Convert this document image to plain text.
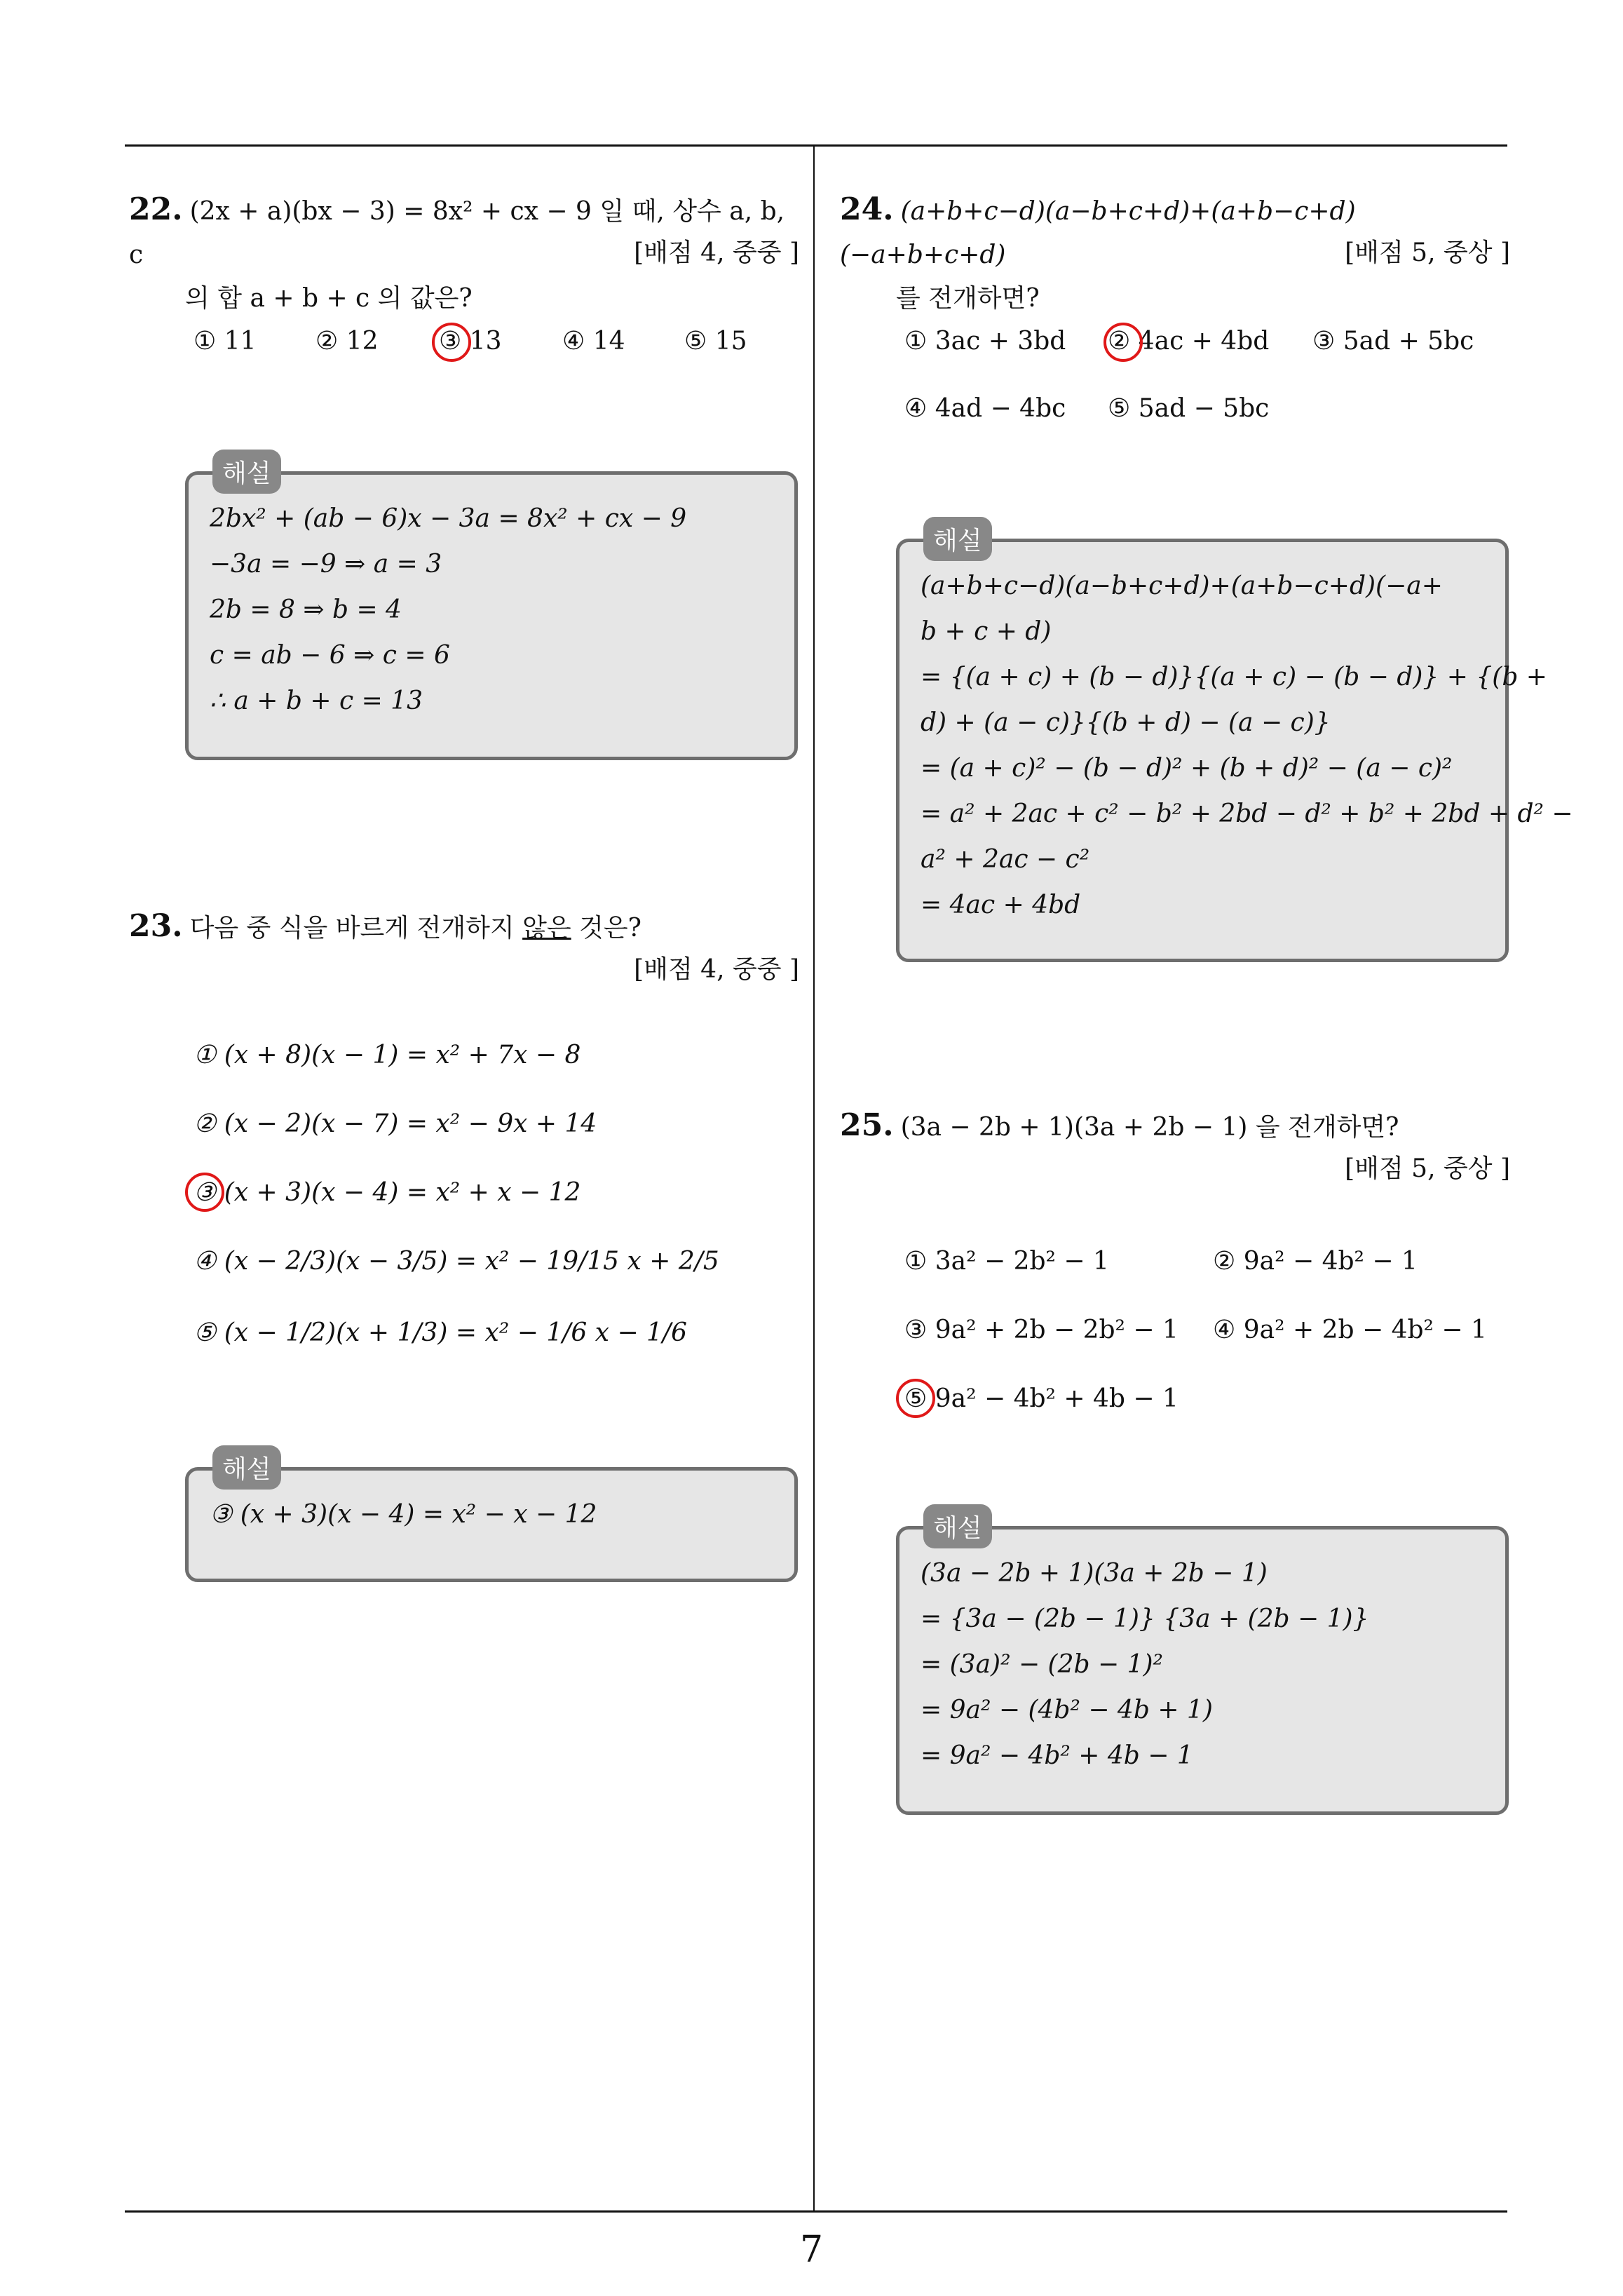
22. (2x + a)(bx − 3) = 8x² + cx − 9 일 때, 상수 a, b, c
의 합 a + b + c 의 값은?
[배점 4, 중중 ]
① 11 ② 12 ③ 13 ④ 14 ⑤ 15
해설
2bx² + (ab − 6)x − 3a = 8x² + cx − 9
−3a = −9 ⇒ a = 3
2b = 8 ⇒ b = 4
c = ab − 6 ⇒ c = 6
∴ a + b + c = 13
23. 다음 중 식을 바르게 전개하지 않은 것은?
[배점 4, 중중 ]
① (x + 8)(x − 1) = x² + 7x − 8
② (x − 2)(x − 7) = x² − 9x + 14
③ (x + 3)(x − 4) = x² + x − 12
④ (x − 2/3)(x − 3/5) = x² − 19/15 x + 2/5
⑤ (x − 1/2)(x + 1/3) = x² − 1/6 x − 1/6
해설
③ (x + 3)(x − 4) = x² − x − 12
24. (a+b+c−d)(a−b+c+d)+(a+b−c+d)(−a+b+c+d)
를 전개하면?
[배점 5, 중상 ]
① 3ac + 3bd ② 4ac + 4bd ③ 5ad + 5bc
④ 4ad − 4bc ⑤ 5ad − 5bc
해설
(a+b+c−d)(a−b+c+d)+(a+b−c+d)(−a+
b + c + d)
= {(a + c) + (b − d)}{(a + c) − (b − d)} + {(b +
d) + (a − c)}{(b + d) − (a − c)}
= (a + c)² − (b − d)² + (b + d)² − (a − c)²
= a² + 2ac + c² − b² + 2bd − d² + b² + 2bd + d² −
a² + 2ac − c²
= 4ac + 4bd
25. (3a − 2b + 1)(3a + 2b − 1) 을 전개하면?
[배점 5, 중상 ]
① 3a² − 2b² − 1	② 9a² − 4b² − 1
③ 9a² + 2b − 2b² − 1 ④ 9a² + 2b − 4b² − 1
⑤ 9a² − 4b² + 4b − 1
해설
(3a − 2b + 1)(3a + 2b − 1)
= {3a − (2b − 1)} {3a + (2b − 1)}
= (3a)² − (2b − 1)²
= 9a² − (4b² − 4b + 1)
= 9a² − 4b² + 4b − 1
7
